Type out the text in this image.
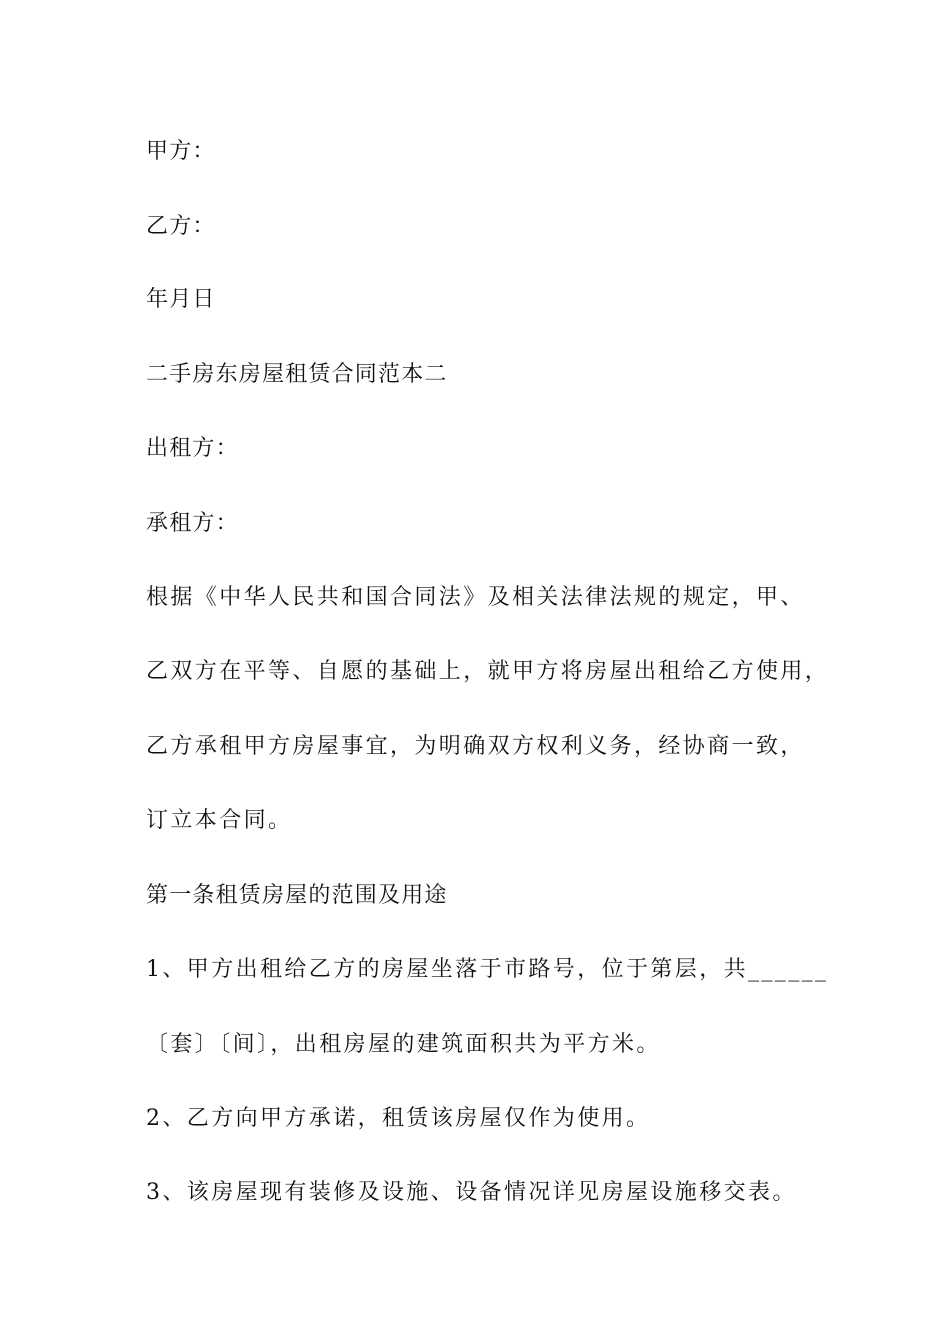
甲方：

乙方：

年月日

二手房东房屋租赁合同范本二

出租方：

承租方：

根据《中华人民共和国合同法》及相关法律法规的规定，甲、

乙双方在平等、自愿的基础上，就甲方将房屋出租给乙方使用，

乙方承租甲方房屋事宜，为明确双方权利义务，经协商一致，

订立本合同。

第一条租赁房屋的范围及用途

1、甲方出租给乙方的房屋坐落于市路号，位于第层，共______

〔套〕〔间〕，出租房屋的建筑面积共为平方米。

2、乙方向甲方承诺，租赁该房屋仅作为使用。

3、该房屋现有装修及设施、设备情况详见房屋设施移交表。
